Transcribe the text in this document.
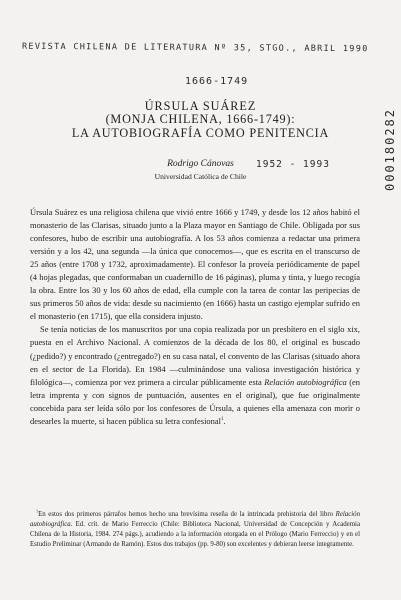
REVISTA CHILENA DE LITERATURA Nº 35, STGO., ABRIL 1990
1666-1749
1952 - 1993	000180282
ÚRSULA SUÁREZ
(MONJA CHILENA, 1666-1749):
LA AUTOBIOGRAFÍA COMO PENITENCIA
Rodrigo Cánovas
Universidad Católica de Chile

Úrsula Suárez es una religiosa chilena que vivió entre 1666 y 1749, y desde los 12 años habitó el monasterio de las Clarisas, situado junto a la Plaza mayor en Santiago de Chile. Obligada por sus confesores, hubo de escribir una autobiografía. A los 53 años comienza a redactar una primera versión y a los 42, una segunda —la única que conocemos—, que es escrita en el transcurso de 25 años (entre 1708 y 1732, aproximadamente). El confesor la proveía periódicamente de papel (4 hojas plegadas, que conformaban un cuadernillo de 16 páginas), pluma y tinta, y luego recogía la obra. Entre los 30 y los 60 años de edad, ella cumple con la tarea de contar las peripecias de sus primeros 50 años de vida: desde su nacimiento (en 1666) hasta un castigo ejemplar sufrido en el monasterio (en 1715), que ella considera injusto.

Se tenía noticias de los manuscritos por una copia realizada por un presbítero en el siglo xix, puesta en el Archivo Nacional. A comienzos de la década de los 80, el original es buscado (¿pedido?) y encontrado (¿entregado?) en su casa natal, el convento de las Clarisas (situado ahora en el sector de La Florida). En 1984 —culminándose una valiosa investigación histórica y filológica—, comienza por vez primera a circular públicamente esta Relación autobiográfica (en letra imprenta y con signos de puntuación, ausentes en el original), que fue originalmente concebida para ser leída sólo por los confesores de Úrsula, a quienes ella amenaza con morir o desearles la muerte, si hacen pública su letra confesional$^1$.

$^1$En estos dos primeros párrafos hemos hecho una brevísima reseña de la intrincada prehistoria del libro Relación autobiográfica. Ed. crít. de Mario Ferreccio (Chile: Biblioteca Nacional, Universidad de Concepción y Academia Chilena de la Historia, 1984. 274 págs.), acudiendo a la información otorgada en el Prólogo (Mario Ferreccio) y en el Estudio Preliminar (Armando de Ramón). Estos dos trabajos (pp. 9-80) son excelentes y debieran leerse íntegramente.
